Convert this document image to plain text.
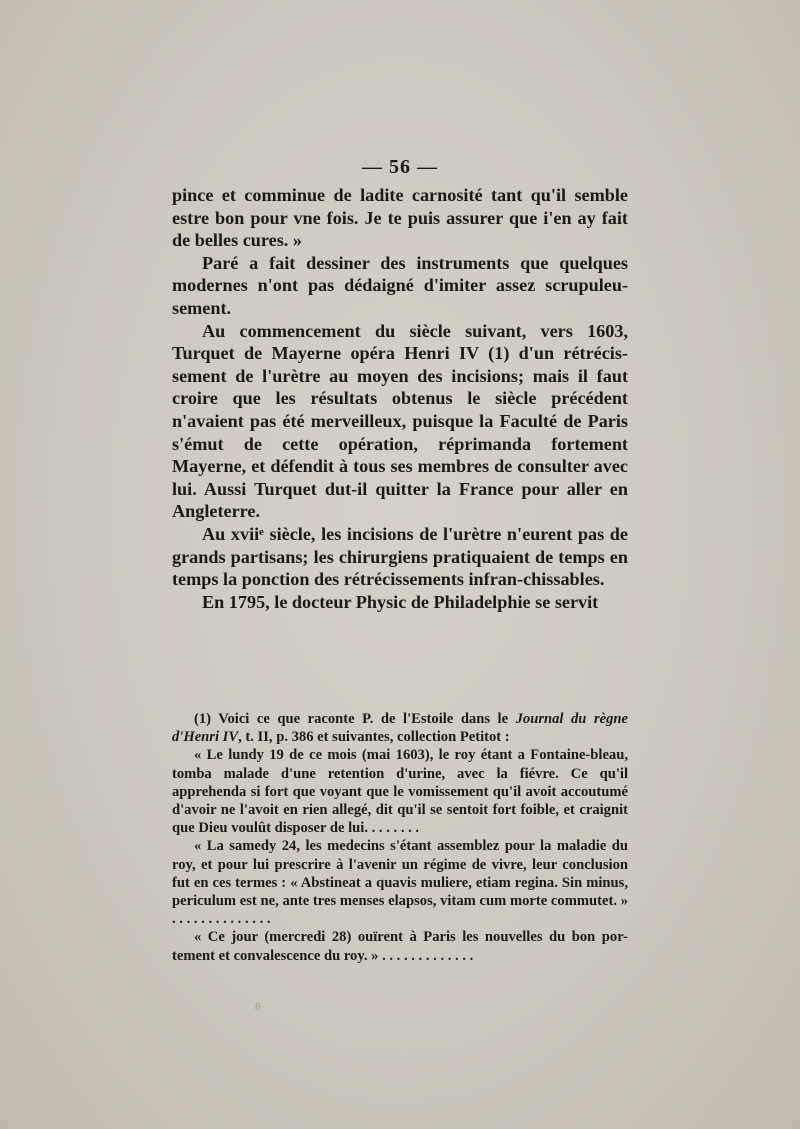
— 56 —

pince et comminue de ladite carnosité tant qu'il semble estre bon pour vne fois. Je te puis assurer que i'en ay fait de belles cures. »

Paré a fait dessiner des instruments que quelques modernes n'ont pas dédaigné d'imiter assez scrupuleu-sement.

Au commencement du siècle suivant, vers 1603, Turquet de Mayerne opéra Henri IV (1) d'un rétrécis-sement de l'urètre au moyen des incisions; mais il faut croire que les résultats obtenus le siècle précédent n'avaient pas été merveilleux, puisque la Faculté de Paris s'émut de cette opération, réprimanda fortement Mayerne, et défendit à tous ses membres de consulter avec lui. Aussi Turquet dut-il quitter la France pour aller en Angleterre.

Au xviiᵉ siècle, les incisions de l'urètre n'eurent pas de grands partisans; les chirurgiens pratiquaient de temps en temps la ponction des rétrécissements infran-chissables.

En 1795, le docteur Physic de Philadelphie se servit

(1) Voici ce que raconte P. de l'Estoile dans le Journal du règne d'Henri IV, t. II, p. 386 et suivantes, collection Petitot :

« Le lundy 19 de ce mois (mai 1603), le roy étant a Fontaine-bleau, tomba malade d'une retention d'urine, avec la fiévre. Ce qu'il apprehenda si fort que voyant que le vomissement qu'il avoit accoutumé d'avoir ne l'avoit en rien allegé, dit qu'il se sentoit fort foible, et craignit que Dieu voulût disposer de lui. . . . . . . .

« La samedy 24, les medecins s'étant assemblez pour la maladie du roy, et pour lui prescrire à l'avenir un régime de vivre, leur conclusion fut en ces termes : « Abstineat a quavis muliere, etiam regina. Sin minus, periculum est ne, ante tres menses elapsos, vitam cum morte commutet. » . . . . . . . . . . . . . .

« Ce jour (mercredi 28) ouïrent à Paris les nouvelles du bon por-tement et convalescence du roy. » . . . . . . . . . . . . .

8
